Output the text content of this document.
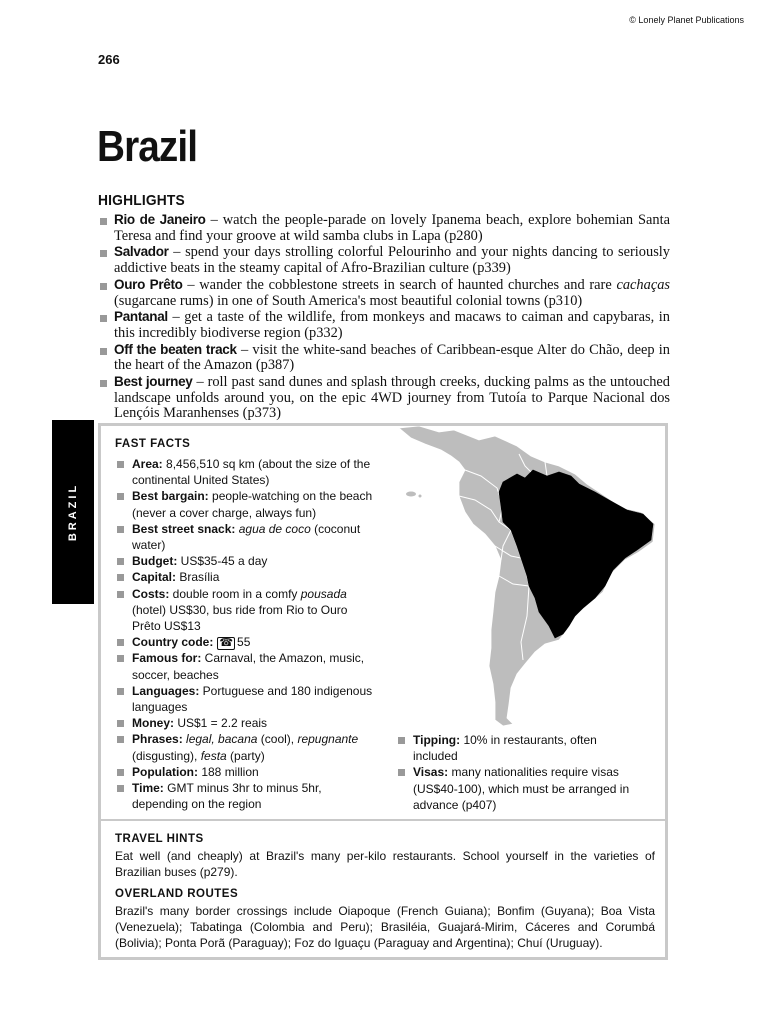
© Lonely Planet Publications
266
Brazil
HIGHLIGHTS
Rio de Janeiro – watch the people-parade on lovely Ipanema beach, explore bohemian Santa Teresa and find your groove at wild samba clubs in Lapa (p280)
Salvador – spend your days strolling colorful Pelourinho and your nights dancing to seriously addictive beats in the steamy capital of Afro-Brazilian culture (p339)
Ouro Prêto – wander the cobblestone streets in search of haunted churches and rare cachaças (sugarcane rums) in one of South America's most beautiful colonial towns (p310)
Pantanal – get a taste of the wildlife, from monkeys and macaws to caiman and capybaras, in this incredibly biodiverse region (p332)
Off the beaten track – visit the white-sand beaches of Caribbean-esque Alter do Chão, deep in the heart of the Amazon (p387)
Best journey – roll past sand dunes and splash through creeks, ducking palms as the untouched landscape unfolds around you, on the epic 4WD journey from Tutoía to Parque Nacional dos Lençóis Maranhenses (p373)
BRAZIL
FAST FACTS
Area: 8,456,510 sq km (about the size of the continental United States)
Best bargain: people-watching on the beach (never a cover charge, always fun)
Best street snack: agua de coco (coconut water)
Budget: US$35-45 a day
Capital: Brasília
Costs: double room in a comfy pousada (hotel) US$30, bus ride from Rio to Ouro Prêto US$13
Country code: ☎ 55
Famous for: Carnaval, the Amazon, music, soccer, beaches
Languages: Portuguese and 180 indigenous languages
Money: US$1 = 2.2 reais
Phrases: legal, bacana (cool), repugnante (disgusting), festa (party)
Population: 188 million
Time: GMT minus 3hr to minus 5hr, depending on the region
Tipping: 10% in restaurants, often included
Visas: many nationalities require visas (US$40-100), which must be arranged in advance (p407)
TRAVEL HINTS

Eat well (and cheaply) at Brazil's many per-kilo restaurants. School yourself in the varieties of Brazilian buses (p279).

OVERLAND ROUTES

Brazil's many border crossings include Oiapoque (French Guiana); Bonfim (Guyana); Boa Vista (Venezuela); Tabatinga (Colombia and Peru); Brasiléia, Guajará-Mirim, Cáceres and Corumbá (Bolivia); Ponta Porã (Paraguay); Foz do Iguaçu (Paraguay and Argentina); Chuí (Uruguay).
